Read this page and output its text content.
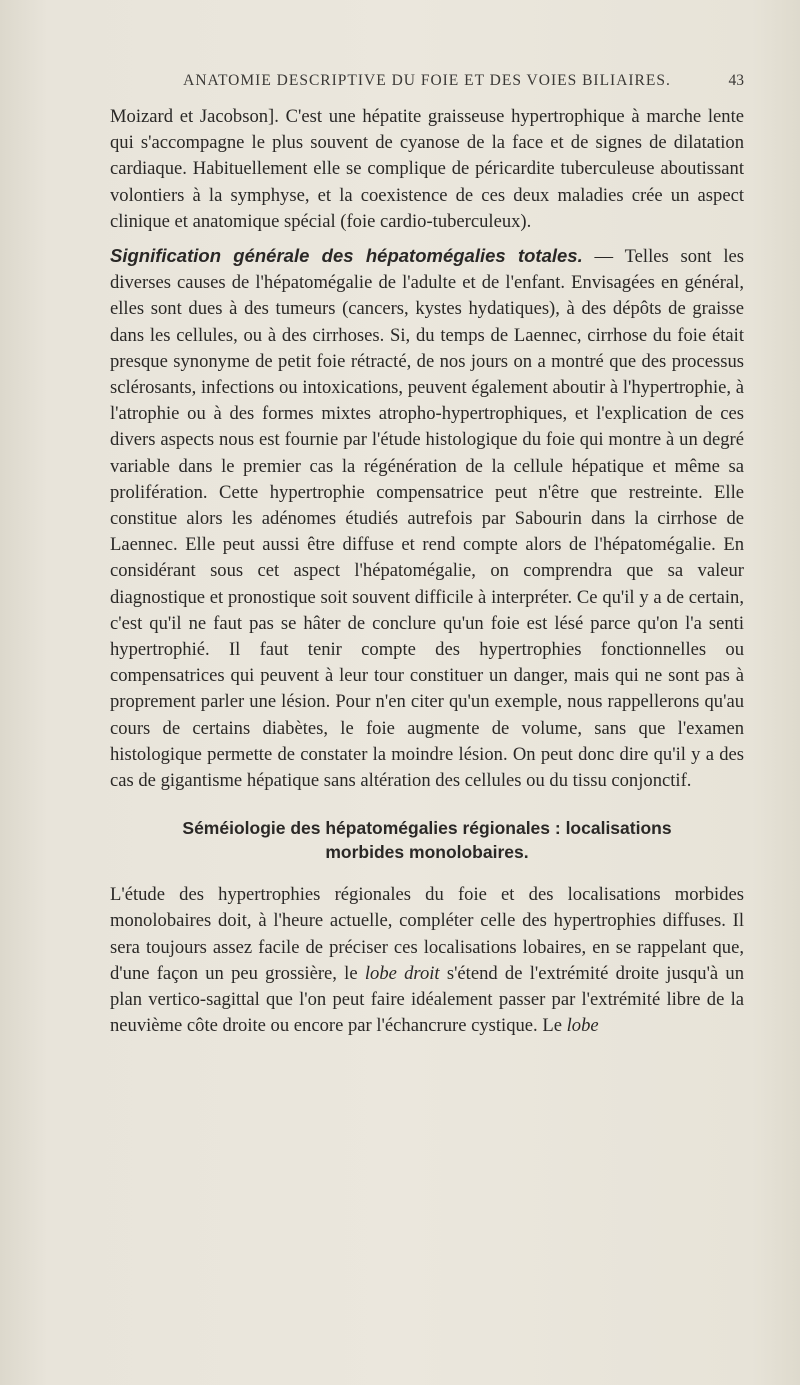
ANATOMIE DESCRIPTIVE DU FOIE ET DES VOIES BILIAIRES.	43

Moizard et Jacobson]. C'est une hépatite graisseuse hypertrophique à marche lente qui s'accompagne le plus souvent de cyanose de la face et de signes de dilatation cardiaque. Habituellement elle se complique de péricardite tuberculeuse aboutissant volontiers à la symphyse, et la coexistence de ces deux maladies crée un aspect clinique et anatomique spécial (foie cardio-tuberculeux).

Signification générale des hépatomégalies totales. — Telles sont les diverses causes de l'hépatomégalie de l'adulte et de l'enfant. Envisagées en général, elles sont dues à des tumeurs (cancers, kystes hydatiques), à des dépôts de graisse dans les cellules, ou à des cirrhoses. Si, du temps de Laennec, cirrhose du foie était presque synonyme de petit foie rétracté, de nos jours on a montré que des processus sclérosants, infections ou intoxications, peuvent également aboutir à l'hypertrophie, à l'atrophie ou à des formes mixtes atropho-hypertrophiques, et l'explication de ces divers aspects nous est fournie par l'étude histologique du foie qui montre à un degré variable dans le premier cas la régénération de la cellule hépatique et même sa prolifération. Cette hypertrophie compensatrice peut n'être que restreinte. Elle constitue alors les adénomes étudiés autrefois par Sabourin dans la cirrhose de Laennec. Elle peut aussi être diffuse et rend compte alors de l'hépatomégalie. En considérant sous cet aspect l'hépatomégalie, on comprendra que sa valeur diagnostique et pronostique soit souvent difficile à interpréter. Ce qu'il y a de certain, c'est qu'il ne faut pas se hâter de conclure qu'un foie est lésé parce qu'on l'a senti hypertrophié. Il faut tenir compte des hypertrophies fonctionnelles ou compensatrices qui peuvent à leur tour constituer un danger, mais qui ne sont pas à proprement parler une lésion. Pour n'en citer qu'un exemple, nous rappellerons qu'au cours de certains diabètes, le foie augmente de volume, sans que l'examen histologique permette de constater la moindre lésion. On peut donc dire qu'il y a des cas de gigantisme hépatique sans altération des cellules ou du tissu conjonctif.

Séméiologie des hépatomégalies régionales : localisations
morbides monolobaires.

L'étude des hypertrophies régionales du foie et des localisations morbides monolobaires doit, à l'heure actuelle, compléter celle des hypertrophies diffuses. Il sera toujours assez facile de préciser ces localisations lobaires, en se rappelant que, d'une façon un peu grossière, le lobe droit s'étend de l'extrémité droite jusqu'à un plan vertico-sagittal que l'on peut faire idéalement passer par l'extrémité libre de la neuvième côte droite ou encore par l'échancrure cystique. Le lobe
